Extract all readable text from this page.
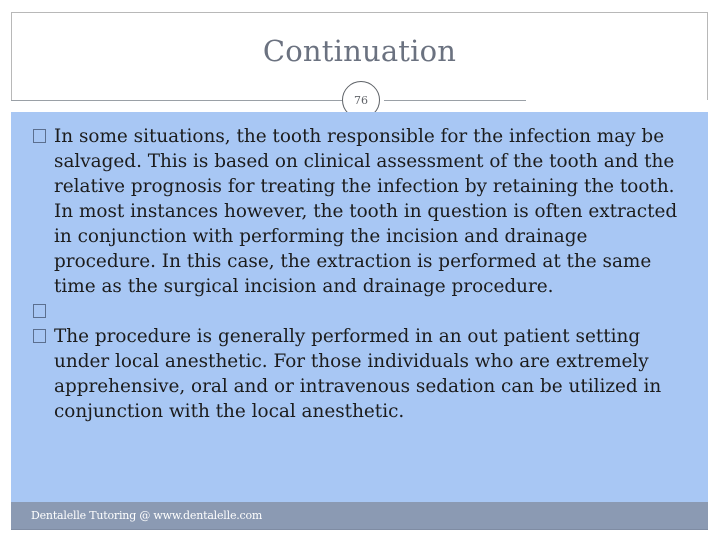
Continuation
76
In some situations, the tooth responsible for the infection may be salvaged. This is based on clinical assessment of the tooth and the relative prognosis for treating the infection by retaining the tooth. In most instances however, the tooth in question is often extracted in conjunction with performing the incision and drainage procedure. In this case, the extraction is performed at the same time as the surgical incision and drainage procedure.
The procedure is generally performed in an out patient setting under local anesthetic. For those individuals who are extremely apprehensive, oral and or intravenous sedation can be utilized in conjunction with the local anesthetic.
Dentalelle Tutoring @ www.dentalelle.com
